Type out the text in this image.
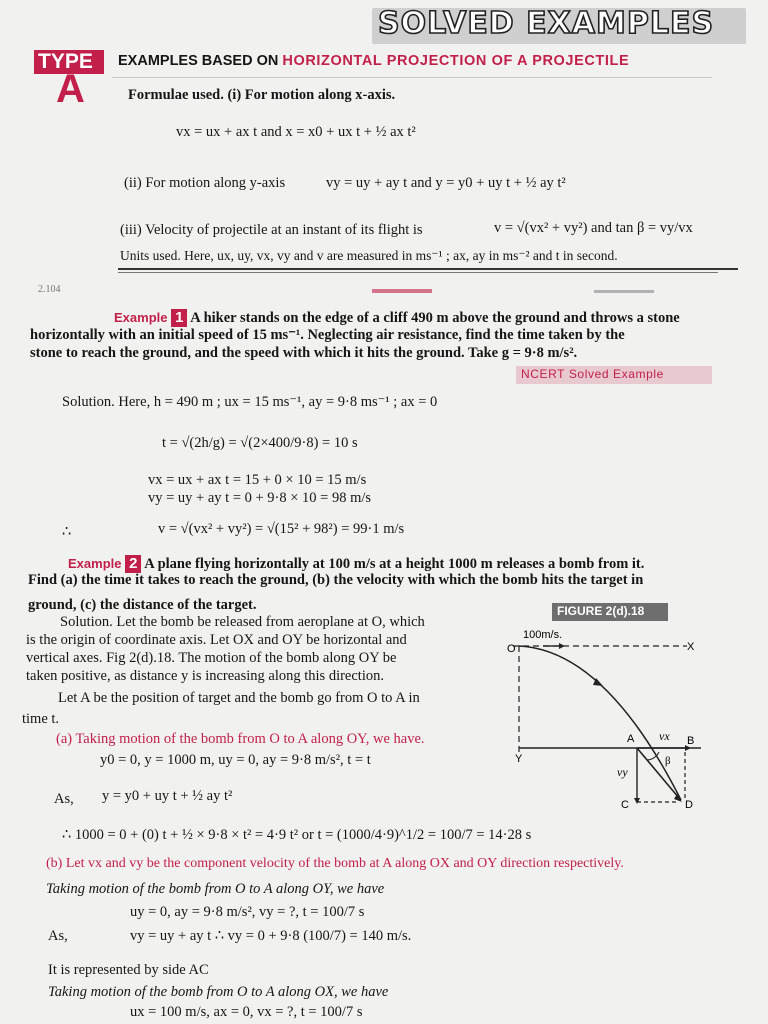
SOLVED EXAMPLES
TYPE
A
EXAMPLES BASED ON HORIZONTAL PROJECTION OF A PROJECTILE

Formulae used. (i) For motion along x-axis.

vx = ux + ax t and x = x0 + ux t + ½ ax t²

(ii) For motion along y-axis	vy = uy + ay t and y = y0 + uy t + ½ ay t²

(iii) Velocity of projectile at an instant of its flight is	v = √(vx² + vy²) and tan β = vy/vx

Units used. Here, ux, uy, vx, vy and v are measured in ms⁻¹ ; ax, ay in ms⁻² and t in second.

2.104

Example 1 A hiker stands on the edge of a cliff 490 m above the ground and throws a stone

horizontally with an initial speed of 15 ms⁻¹. Neglecting air resistance, find the time taken by the

stone to reach the ground, and the speed with which it hits the ground. Take g = 9·8 m/s².

NCERT Solved Example

Solution. Here, h = 490 m ; ux = 15 ms⁻¹, ay = 9·8 ms⁻¹ ; ax = 0

t = √(2h/g) = √(2×400/9·8) = 10 s

vx = ux + ax t = 15 + 0 × 10 = 15 m/s

vy = uy + ay t = 0 + 9·8 × 10 = 98 m/s

∴	v = √(vx² + vy²) = √(15² + 98²) = 99·1 m/s

Example 2 A plane flying horizontally at 100 m/s at a height 1000 m releases a bomb from it.

Find (a) the time it takes to reach the ground, (b) the velocity with which the bomb hits the target in

ground, (c) the distance of the target.	FIGURE 2(d).18

Solution. Let the bomb be released from aeroplane at O, which

is the origin of coordinate axis. Let OX and OY be horizontal and

vertical axes. Fig 2(d).18. The motion of the bomb along OY be

taken positive, as distance y is increasing along this direction.

Let A be the position of target and the bomb go from O to A in

time t.

(a) Taking motion of the bomb from O to A along OY, we have.

y0 = 0, y = 1000 m, uy = 0, ay = 9·8 m/s², t = t

As, y = y0 + uy t + ½ ay t²

∴ 1000 = 0 + (0) t + ½ × 9·8 × t² = 4·9 t² or t = (1000/4·9)^1/2 = 100/7 = 14·28 s

(b) Let vx and vy be the component velocity of the bomb at A along OX and OY direction respectively.

Taking motion of the bomb from O to A along OY, we have

uy = 0, ay = 9·8 m/s², vy = ?, t = 100/7 s

As,	vy = uy + ay t ∴ vy = 0 + 9·8 (100/7) = 140 m/s.

It is represented by side AC

Taking motion of the bomb from O to A along OX, we have

ux = 100 m/s, ax = 0, vx = ?, t = 100/7 s

100m/s.
O	X
Y
A	B
C	D
vx
vy
β
